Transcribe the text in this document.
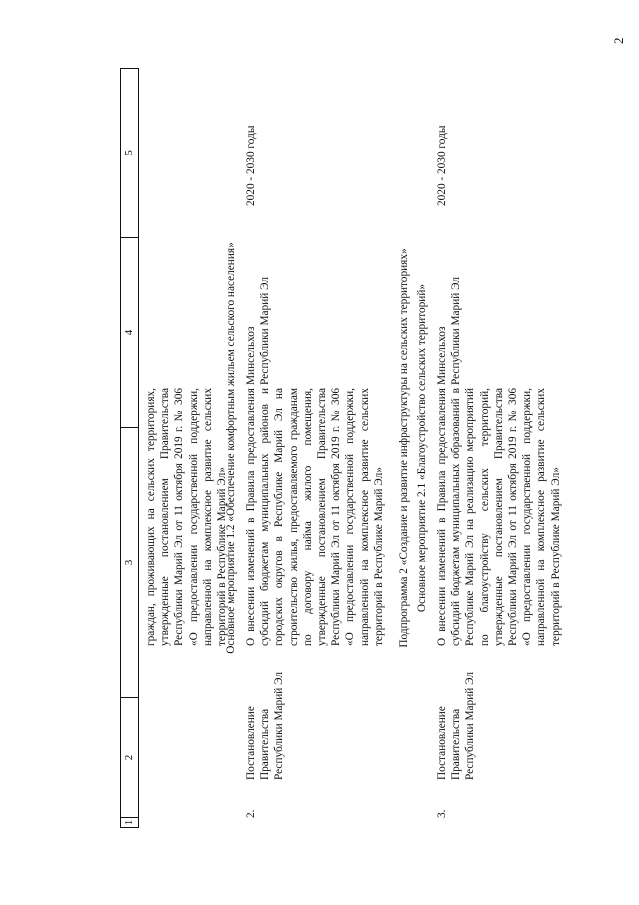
2
1
2
3
4
5
граждан, проживающих на сельских территориях, утвержденные постановлением Правительства Республики Марий Эл от 11 октября 2019 г. № 306 «О предоставлении государственной поддержки, направленной на комплексное развитие сельских территорий в Республике Марий Эл»
Основное мероприятие 1.2 «Обеспечение комфортным жильем сельского населения»
2.
Постановление Правительства Республики Марий Эл
О внесении изменений в Правила предоставления субсидий бюджетам муниципальных районов и городских округов в Республике Марий Эл на строительство жилья, предоставляемого гражданам по договору найма жилого помещения, утвержденные постановлением Правительства Республики Марий Эл от 11 октября 2019 г. № 306 «О предоставлении государственной поддержки, направленной на комплексное развитие сельских территорий в Республике Марий Эл»
Минсельхоз Республики Марий Эл
2020 - 2030 годы
Подпрограмма 2 «Создание и развитие инфраструктуры на сельских территориях» Основное мероприятие 2.1 «Благоустройство сельских территорий»
3.
Постановление Правительства Республики Марий Эл
О внесении изменений в Правила предоставления субсидий бюджетам муниципальных образований в Республике Марий Эл на реализацию мероприятий по благоустройству сельских территорий, утвержденные постановлением Правительства Республики Марий Эл от 11 октября 2019 г. № 306 «О предоставлении государственной поддержки, направленной на комплексное развитие сельских территорий в Республике Марий Эл»
Минсельхоз Республики Марий Эл
2020 - 2030 годы
